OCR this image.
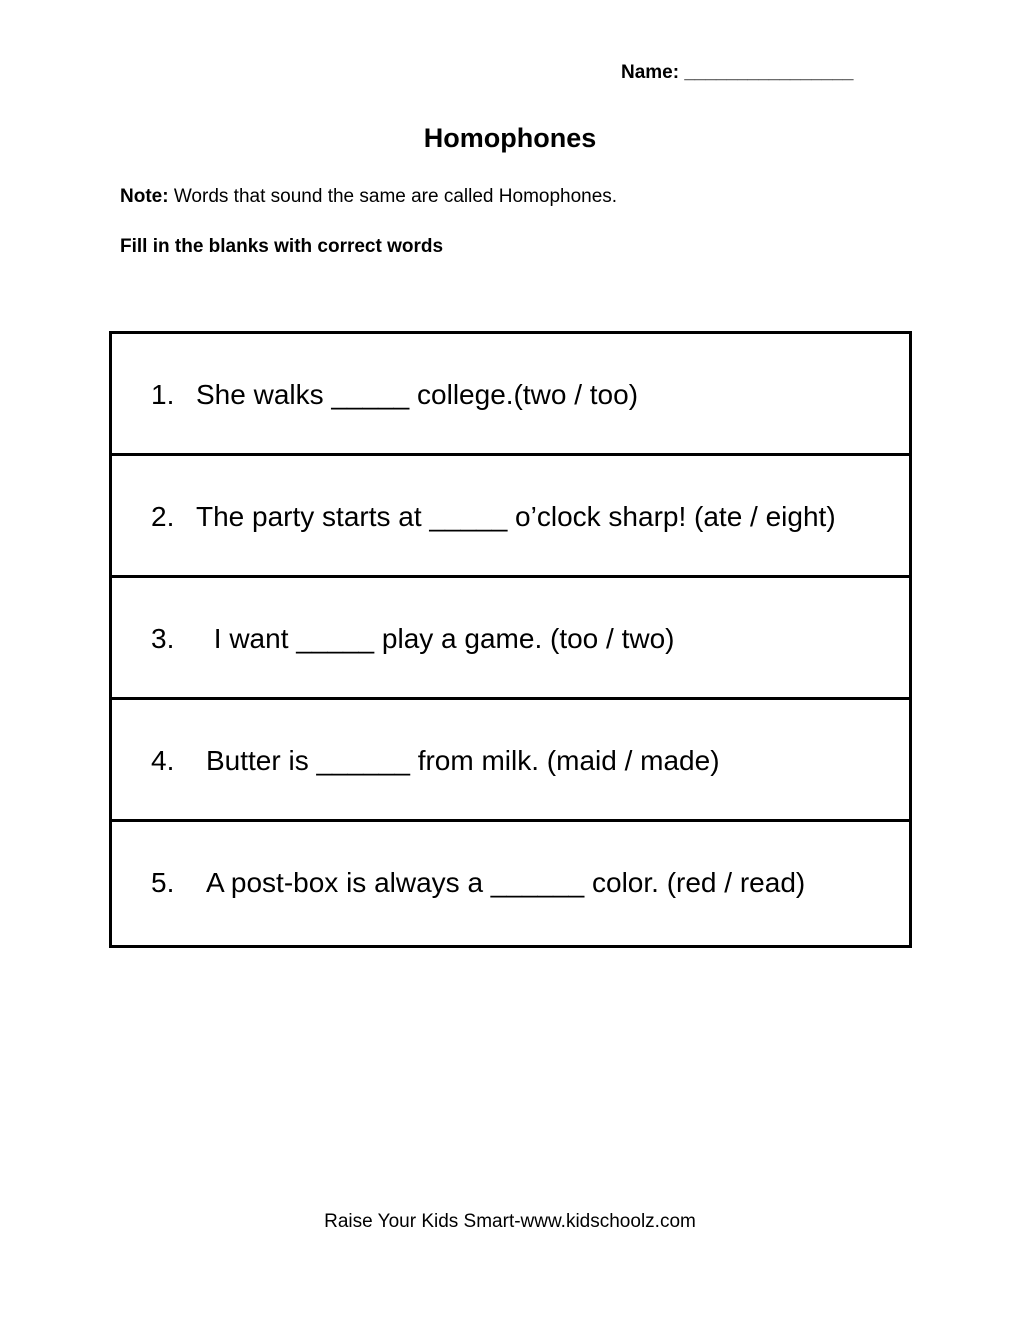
Name: ________________
Homophones
Note: Words that sound the same are called Homophones.
Fill in the blanks with correct words
1. She walks _____ college.(two / too)
2. The party starts at _____ o’clock sharp! (ate / eight)
3. I want _____ play a game. (too / two)
4. Butter is ______ from milk. (maid / made)
5. A post-box is always a ______ color. (red / read)
Raise Your Kids Smart-www.kidschoolz.com
